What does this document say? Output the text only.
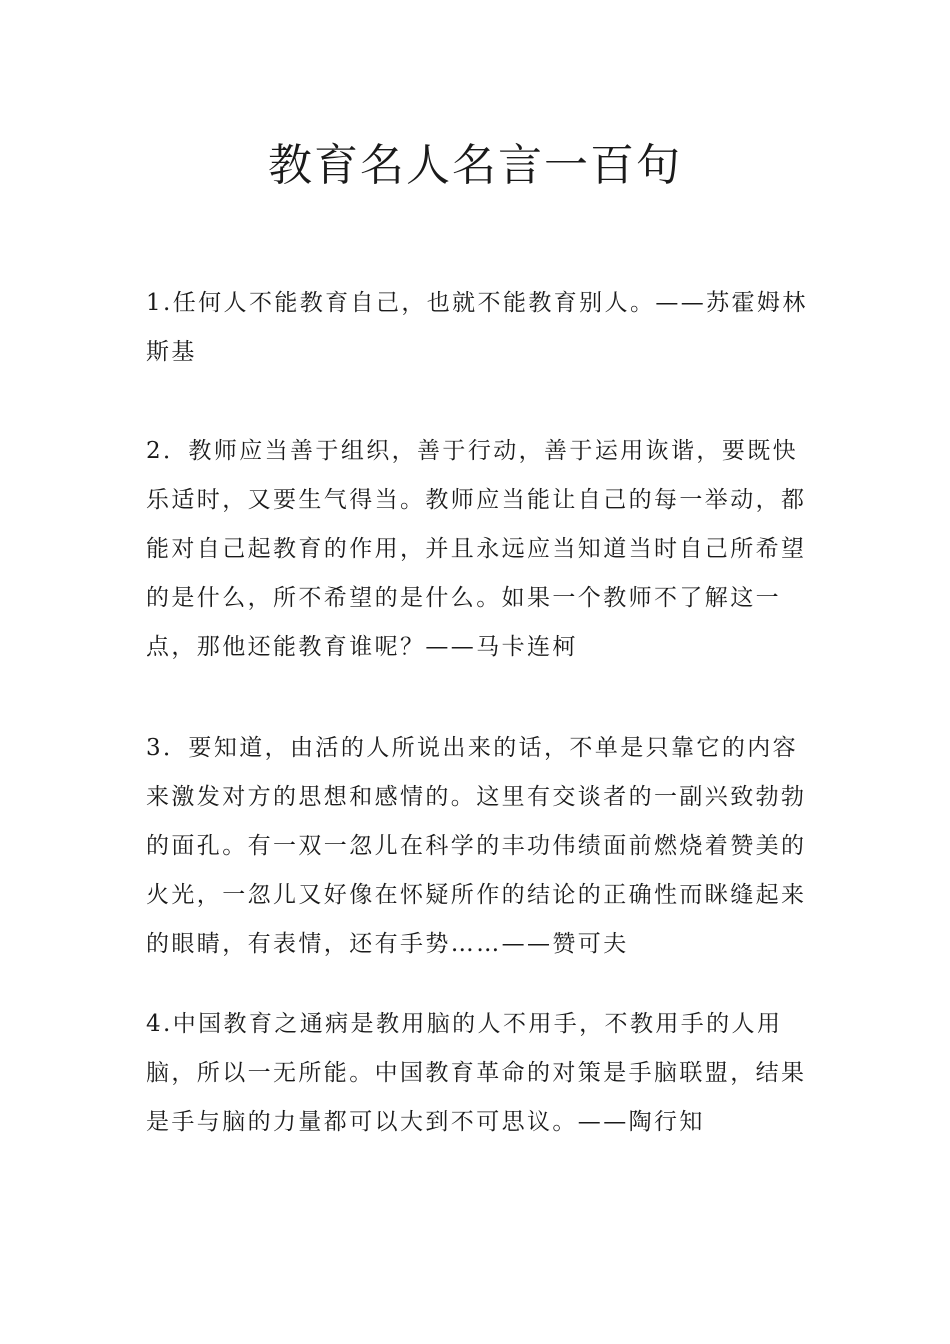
教育名人名言一百句

1.任何人不能教育自己，也就不能教育别人。——苏霍姆林斯基

2．教师应当善于组织，善于行动，善于运用诙谐，要既快乐适时，又要生气得当。教师应当能让自己的每一举动，都能对自己起教育的作用，并且永远应当知道当时自己所希望的是什么，所不希望的是什么。如果一个教师不了解这一点，那他还能教育谁呢？——马卡连柯

3．要知道，由活的人所说出来的话，不单是只靠它的内容来激发对方的思想和感情的。这里有交谈者的一副兴致勃勃的面孔。有一双一忽儿在科学的丰功伟绩面前燃烧着赞美的火光，一忽儿又好像在怀疑所作的结论的正确性而眯缝起来的眼睛，有表情，还有手势……——赞可夫

4.中国教育之通病是教用脑的人不用手，不教用手的人用脑，所以一无所能。中国教育革命的对策是手脑联盟，结果是手与脑的力量都可以大到不可思议。——陶行知
